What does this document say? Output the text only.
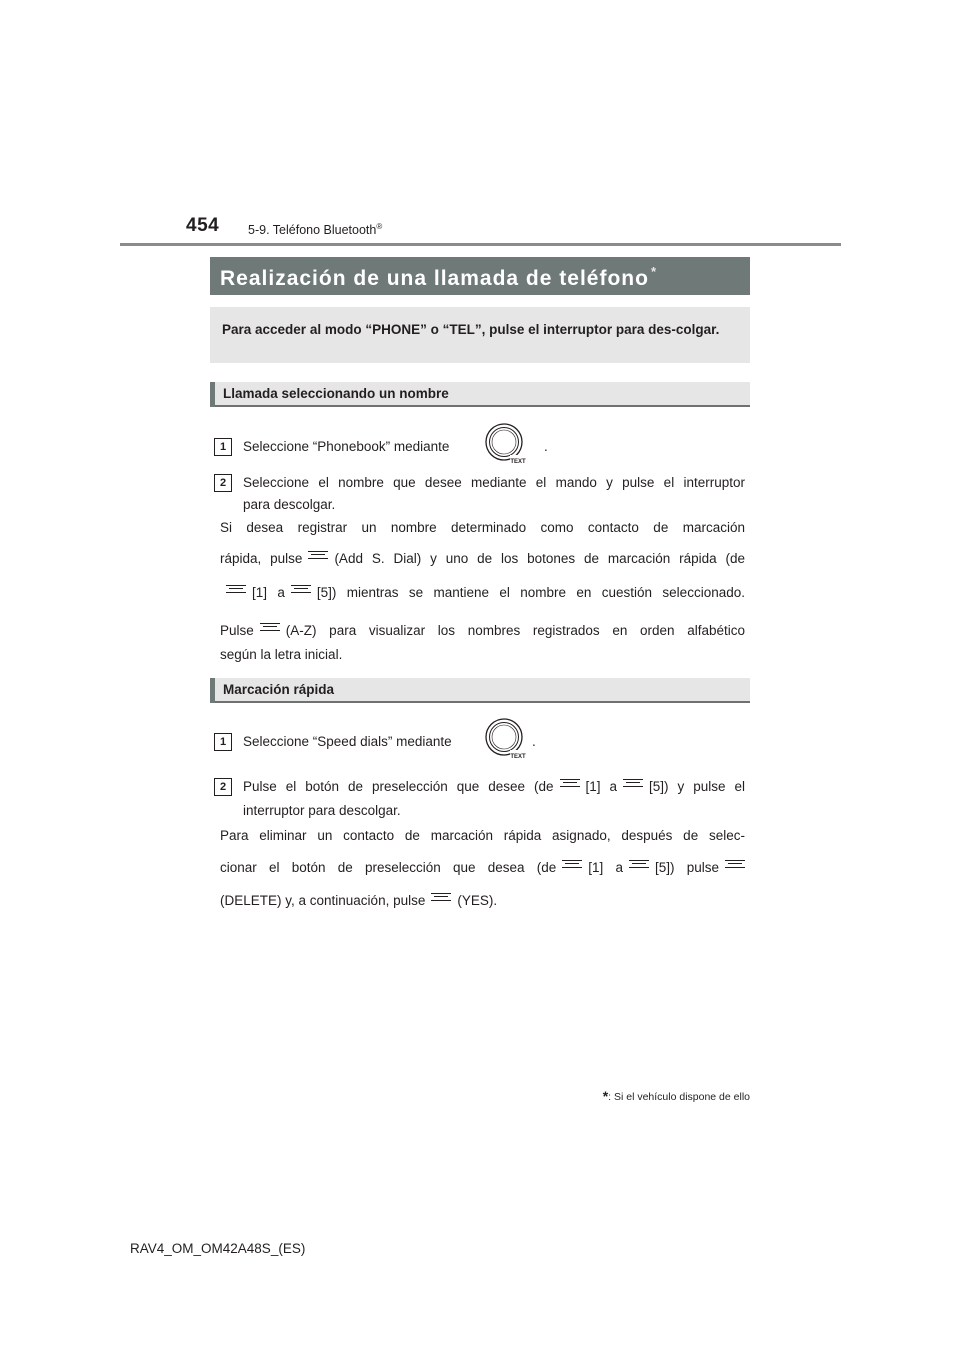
454 5-9. Teléfono Bluetooth®
Realización de una llamada de teléfono *
Para acceder al modo “PHONE” o “TEL”, pulse el interruptor para des-colgar.
Llamada seleccionando un nombre
1	Seleccione “Phonebook” mediante
TEXT
.
2	Seleccione el nombre que desee mediante el mando y pulse el interruptor
para descolgar.
Si desea registrar un nombre determinado como contacto de marcación
rápida, pulse (Add S. Dial) y uno de los botones de marcación rápida (de
[1] a [5]) mientras se mantiene el nombre en cuestión seleccionado.
Pulse (A-Z) para visualizar los nombres registrados en orden alfabético
según la letra inicial.
Marcación rápida
1	Seleccione “Speed dials” mediante
TEXT
.
2	Pulse el botón de preselección que desee (de [1] a [5]) y pulse el
interruptor para descolgar.
Para eliminar un contacto de marcación rápida asignado, después de selec-
cionar el botón de preselección que desea (de [1] a [5]) pulse
(DELETE) y, a continuación, pulse (YES).
*: Si el vehículo dispone de ello
RAV4_OM_OM42A48S_(ES)
